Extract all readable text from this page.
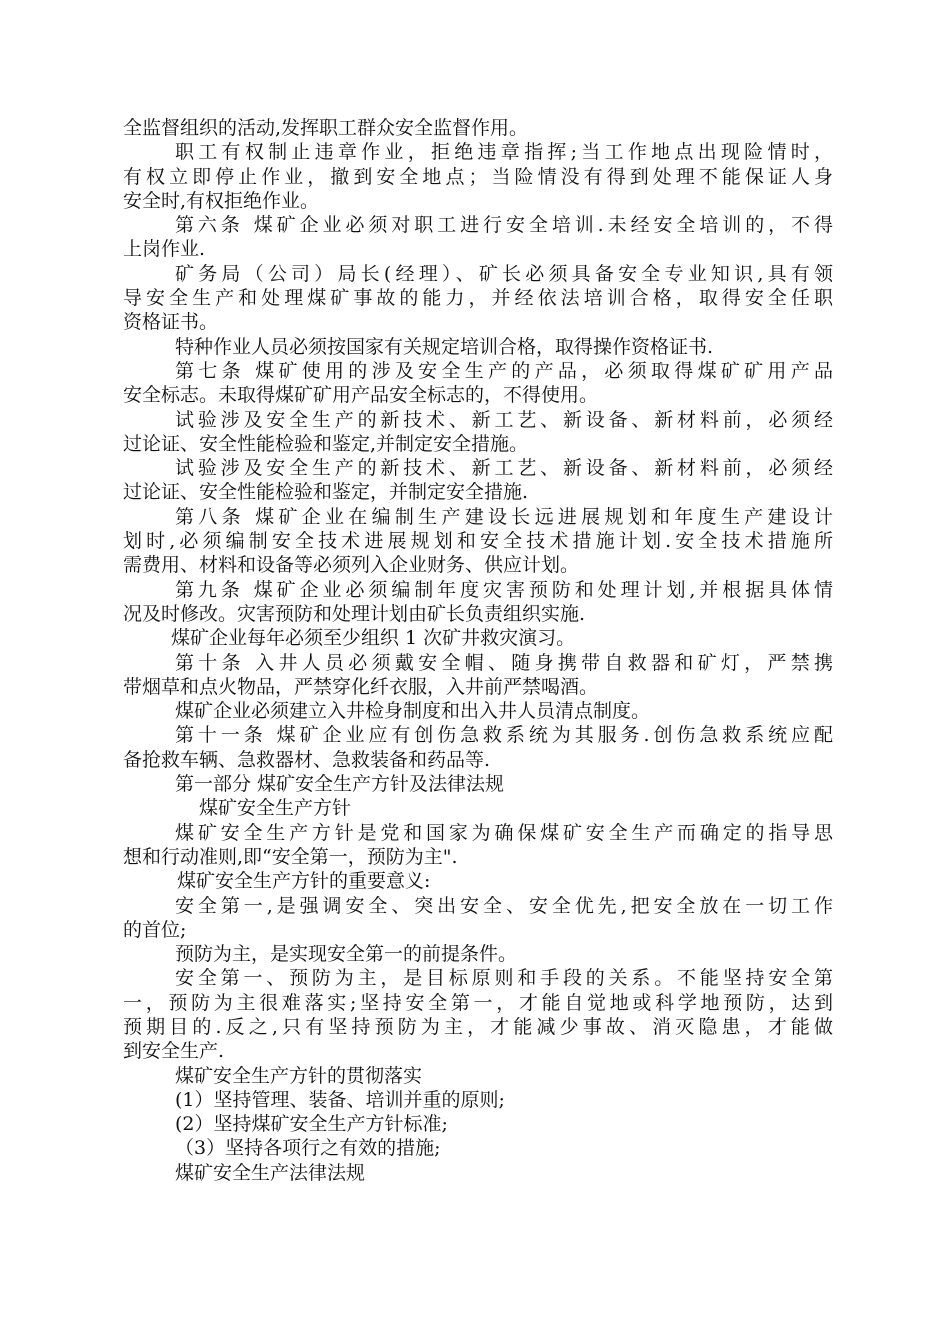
全监督组织的活动,发挥职工群众安全监督作用。
职工有权制止违章作业，拒绝违章指挥;当工作地点出现险情时，
有权立即停止作业，撤到安全地点；当险情没有得到处理不能保证人身
安全时,有权拒绝作业。
第六条 煤矿企业必须对职工进行安全培训.未经安全培训的，不得
上岗作业.
矿务局（公司）局长(经理）、矿长必须具备安全专业知识,具有领
导安全生产和处理煤矿事故的能力，并经依法培训合格，取得安全任职
资格证书。
特种作业人员必须按国家有关规定培训合格，取得操作资格证书.
第七条 煤矿使用的涉及安全生产的产品，必须取得煤矿矿用产品
安全标志。未取得煤矿矿用产品安全标志的，不得使用。
试验涉及安全生产的新技术、新工艺、新设备、新材料前，必须经
过论证、安全性能检验和鉴定,并制定安全措施。
试验涉及安全生产的新技术、新工艺、新设备、新材料前，必须经
过论证、安全性能检验和鉴定，并制定安全措施.
第八条 煤矿企业在编制生产建设长远进展规划和年度生产建设计
划时,必须编制安全技术进展规划和安全技术措施计划.安全技术措施所
需费用、材料和设备等必须列入企业财务、供应计划。
第九条 煤矿企业必须编制年度灾害预防和处理计划,并根据具体情
况及时修改。灾害预防和处理计划由矿长负责组织实施.
煤矿企业每年必须至少组织 1 次矿井救灾演习。
第十条 入井人员必须戴安全帽、随身携带自救器和矿灯，严禁携
带烟草和点火物品，严禁穿化纤衣服，入井前严禁喝酒。
煤矿企业必须建立入井检身制度和出入井人员清点制度。
第十一条 煤矿企业应有创伤急救系统为其服务.创伤急救系统应配
备抢救车辆、急救器材、急救装备和药品等.
第一部分 煤矿安全生产方针及法律法规
煤矿安全生产方针
煤矿安全生产方针是党和国家为确保煤矿安全生产而确定的指导思
想和行动准则,即“安全第一，预防为主".
煤矿安全生产方针的重要意义:
安全第一,是强调安全、突出安全、安全优先,把安全放在一切工作
的首位;
预防为主，是实现安全第一的前提条件。
安全第一、预防为主，是目标原则和手段的关系。不能坚持安全第
一，预防为主很难落实;坚持安全第一，才能自觉地或科学地预防，达到
预期目的.反之,只有坚持预防为主，才能减少事故、消灭隐患，才能做
到安全生产.
煤矿安全生产方针的贯彻落实
(1）坚持管理、装备、培训并重的原则;
(2）坚持煤矿安全生产方针标准;
（3）坚持各项行之有效的措施;
煤矿安全生产法律法规
